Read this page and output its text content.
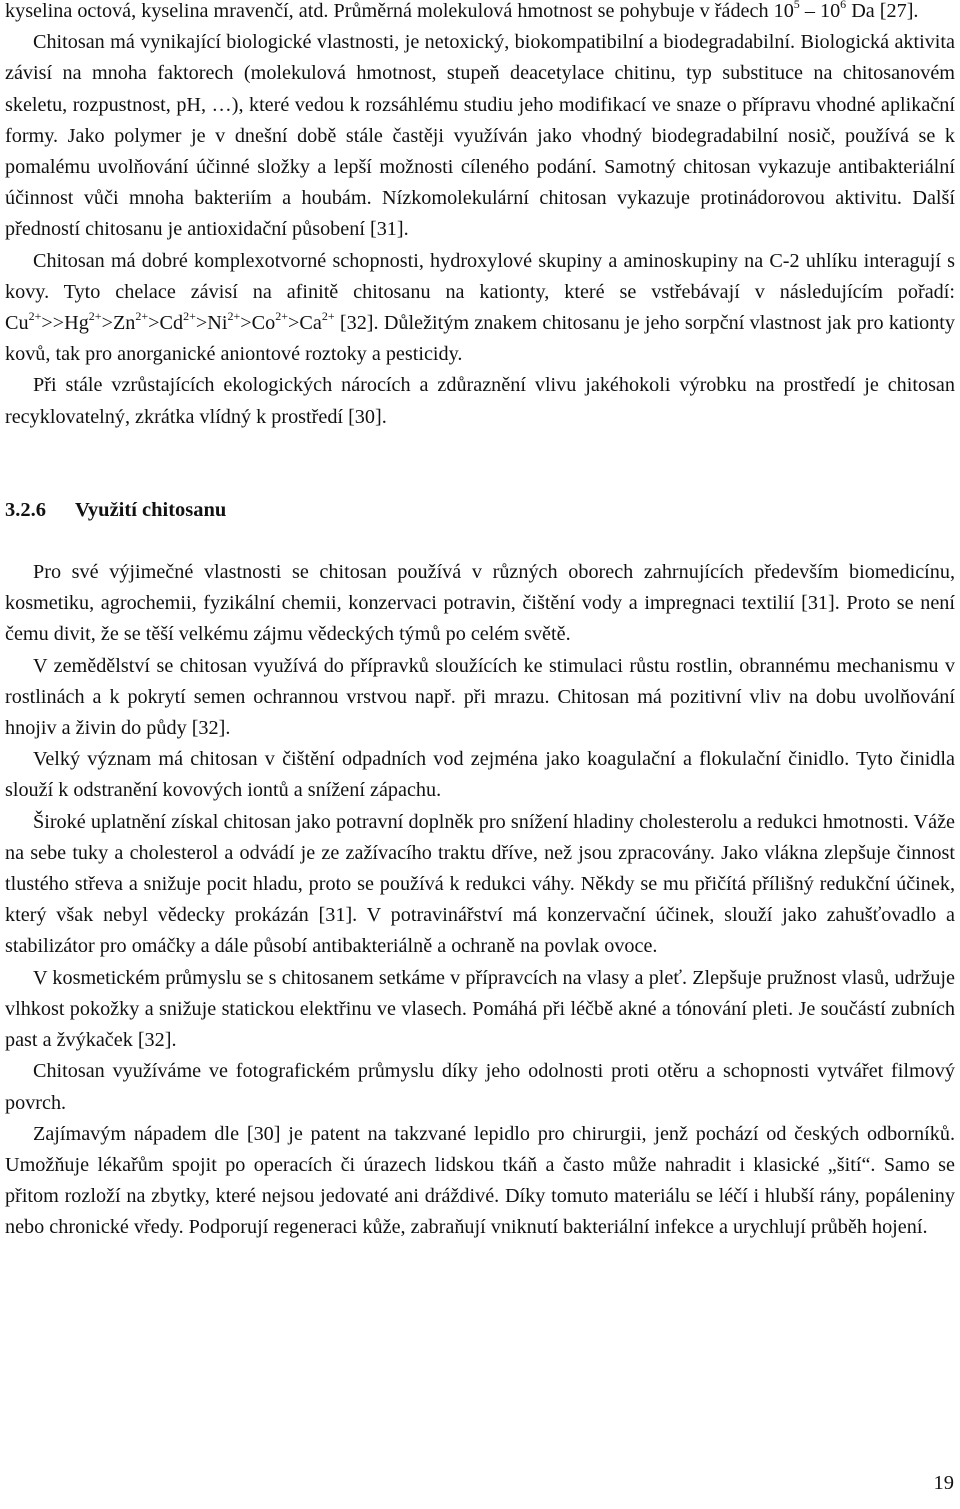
kyselina octová, kyselina mravenčí, atd. Průměrná molekulová hmotnost se pohybuje v řádech $10^5 - 10^6$ Da [27].

Chitosan má vynikající biologické vlastnosti, je netoxický, biokompatibilní a biodegradabilní. Biologická aktivita závisí na mnoha faktorech (molekulová hmotnost, stupeň deacetylace chitinu, typ substituce na chitosanovém skeletu, rozpustnost, pH, …), které vedou k rozsáhlému studiu jeho modifikací ve snaze o přípravu vhodné aplikační formy. Jako polymer je v dnešní době stále častěji využíván jako vhodný biodegradabilní nosič, používá se k pomalému uvolňování účinné složky a lepší možnosti cíleného podání. Samotný chitosan vykazuje antibakteriální účinnost vůči mnoha bakteriím a houbám. Nízkomolekulární chitosan vykazuje protinádorovou aktivitu. Další předností chitosanu je antioxidační působení [31].

Chitosan má dobré komplexotvorné schopnosti, hydroxylové skupiny a aminoskupiny na C-2 uhlíku interagují s kovy. Tyto chelace závisí na afinitě chitosanu na kationty, které se vstřebávají v následujícím pořadí: $Cu^{2+}>>Hg^{2+}>Zn^{2+}>Cd^{2+}>Ni^{2+}>Co^{2+}>Ca^{2+}$ [32]. Důležitým znakem chitosanu je jeho sorpční vlastnost jak pro kationty kovů, tak pro anorganické aniontové roztoky a pesticidy.

Při stále vzrůstajících ekologických nárocích a zdůraznění vlivu jakéhokoli výrobku na prostředí je chitosan recyklovatelný, zkrátka vlídný k prostředí [30].

3.2.6 Využití chitosanu

Pro své výjimečné vlastnosti se chitosan používá v různých oborech zahrnujících především biomedicínu, kosmetiku, agrochemii, fyzikální chemii, konzervaci potravin, čištění vody a impregnaci textilií [31]. Proto se není čemu divit, že se těší velkému zájmu vědeckých týmů po celém světě.

V zemědělství se chitosan využívá do přípravků sloužících ke stimulaci růstu rostlin, obrannému mechanismu v rostlinách a k pokrytí semen ochrannou vrstvou např. při mrazu. Chitosan má pozitivní vliv na dobu uvolňování hnojiv a živin do půdy [32].

Velký význam má chitosan v čištění odpadních vod zejména jako koagulační a flokulační činidlo. Tyto činidla slouží k odstranění kovových iontů a snížení zápachu.

Široké uplatnění získal chitosan jako potravní doplněk pro snížení hladiny cholesterolu a redukci hmotnosti. Váže na sebe tuky a cholesterol a odvádí je ze zažívacího traktu dříve, než jsou zpracovány. Jako vlákna zlepšuje činnost tlustého střeva a snižuje pocit hladu, proto se používá k redukci váhy. Někdy se mu přičítá přílišný redukční účinek, který však nebyl vědecky prokázán [31]. V potravinářství má konzervační účinek, slouží jako zahušťovadlo a stabilizátor pro omáčky a dále působí antibakteriálně a ochraně na povlak ovoce.

V kosmetickém průmyslu se s chitosanem setkáme v přípravcích na vlasy a pleť. Zlepšuje pružnost vlasů, udržuje vlhkost pokožky a snižuje statickou elektřinu ve vlasech. Pomáhá při léčbě akné a tónování pleti. Je součástí zubních past a žvýkaček [32].

Chitosan využíváme ve fotografickém průmyslu díky jeho odolnosti proti otěru a schopnosti vytvářet filmový povrch.

Zajímavým nápadem dle [30] je patent na takzvané lepidlo pro chirurgii, jenž pochází od českých odborníků. Umožňuje lékařům spojit po operacích či úrazech lidskou tkáň a často může nahradit i klasické „šití“. Samo se přitom rozloží na zbytky, které nejsou jedovaté ani dráždivé. Díky tomuto materiálu se léčí i hlubší rány, popáleniny nebo chronické vředy. Podporují regeneraci kůže, zabraňují vniknutí bakteriální infekce a urychlují průběh hojení.

19
